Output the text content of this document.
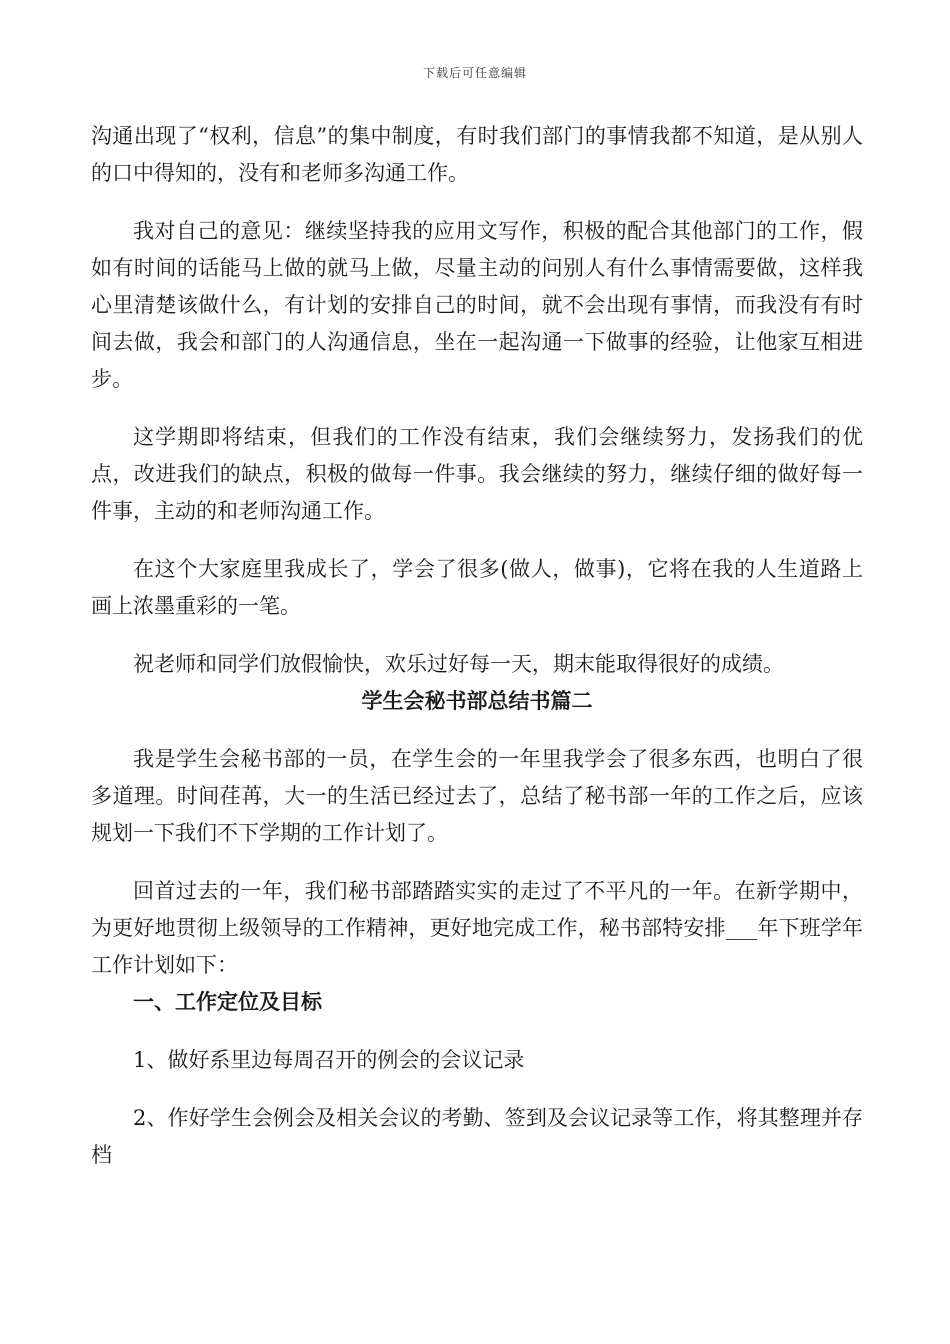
下载后可任意编辑

沟通出现了“权利，信息”的集中制度，有时我们部门的事情我都不知道，是从别人的口中得知的，没有和老师多沟通工作。

我对自己的意见：继续坚持我的应用文写作，积极的配合其他部门的工作，假如有时间的话能马上做的就马上做，尽量主动的问别人有什么事情需要做，这样我心里清楚该做什么，有计划的安排自己的时间，就不会出现有事情，而我没有有时间去做，我会和部门的人沟通信息，坐在一起沟通一下做事的经验，让他家互相进步。

这学期即将结束，但我们的工作没有结束，我们会继续努力，发扬我们的优点，改进我们的缺点，积极的做每一件事。我会继续的努力，继续仔细的做好每一件事，主动的和老师沟通工作。

在这个大家庭里我成长了，学会了很多(做人，做事)，它将在我的人生道路上画上浓墨重彩的一笔。

祝老师和同学们放假愉快，欢乐过好每一天，期末能取得很好的成绩。

学生会秘书部总结书篇二

我是学生会秘书部的一员，在学生会的一年里我学会了很多东西，也明白了很多道理。时间荏苒，大一的生活已经过去了，总结了秘书部一年的工作之后，应该规划一下我们不下学期的工作计划了。

回首过去的一年，我们秘书部踏踏实实的走过了不平凡的一年。在新学期中，为更好地贯彻上级领导的工作精神，更好地完成工作，秘书部特安排___年下班学年工作计划如下：

一、工作定位及目标

1、做好系里边每周召开的例会的会议记录

2、作好学生会例会及相关会议的考勤、签到及会议记录等工作，将其整理并存档
